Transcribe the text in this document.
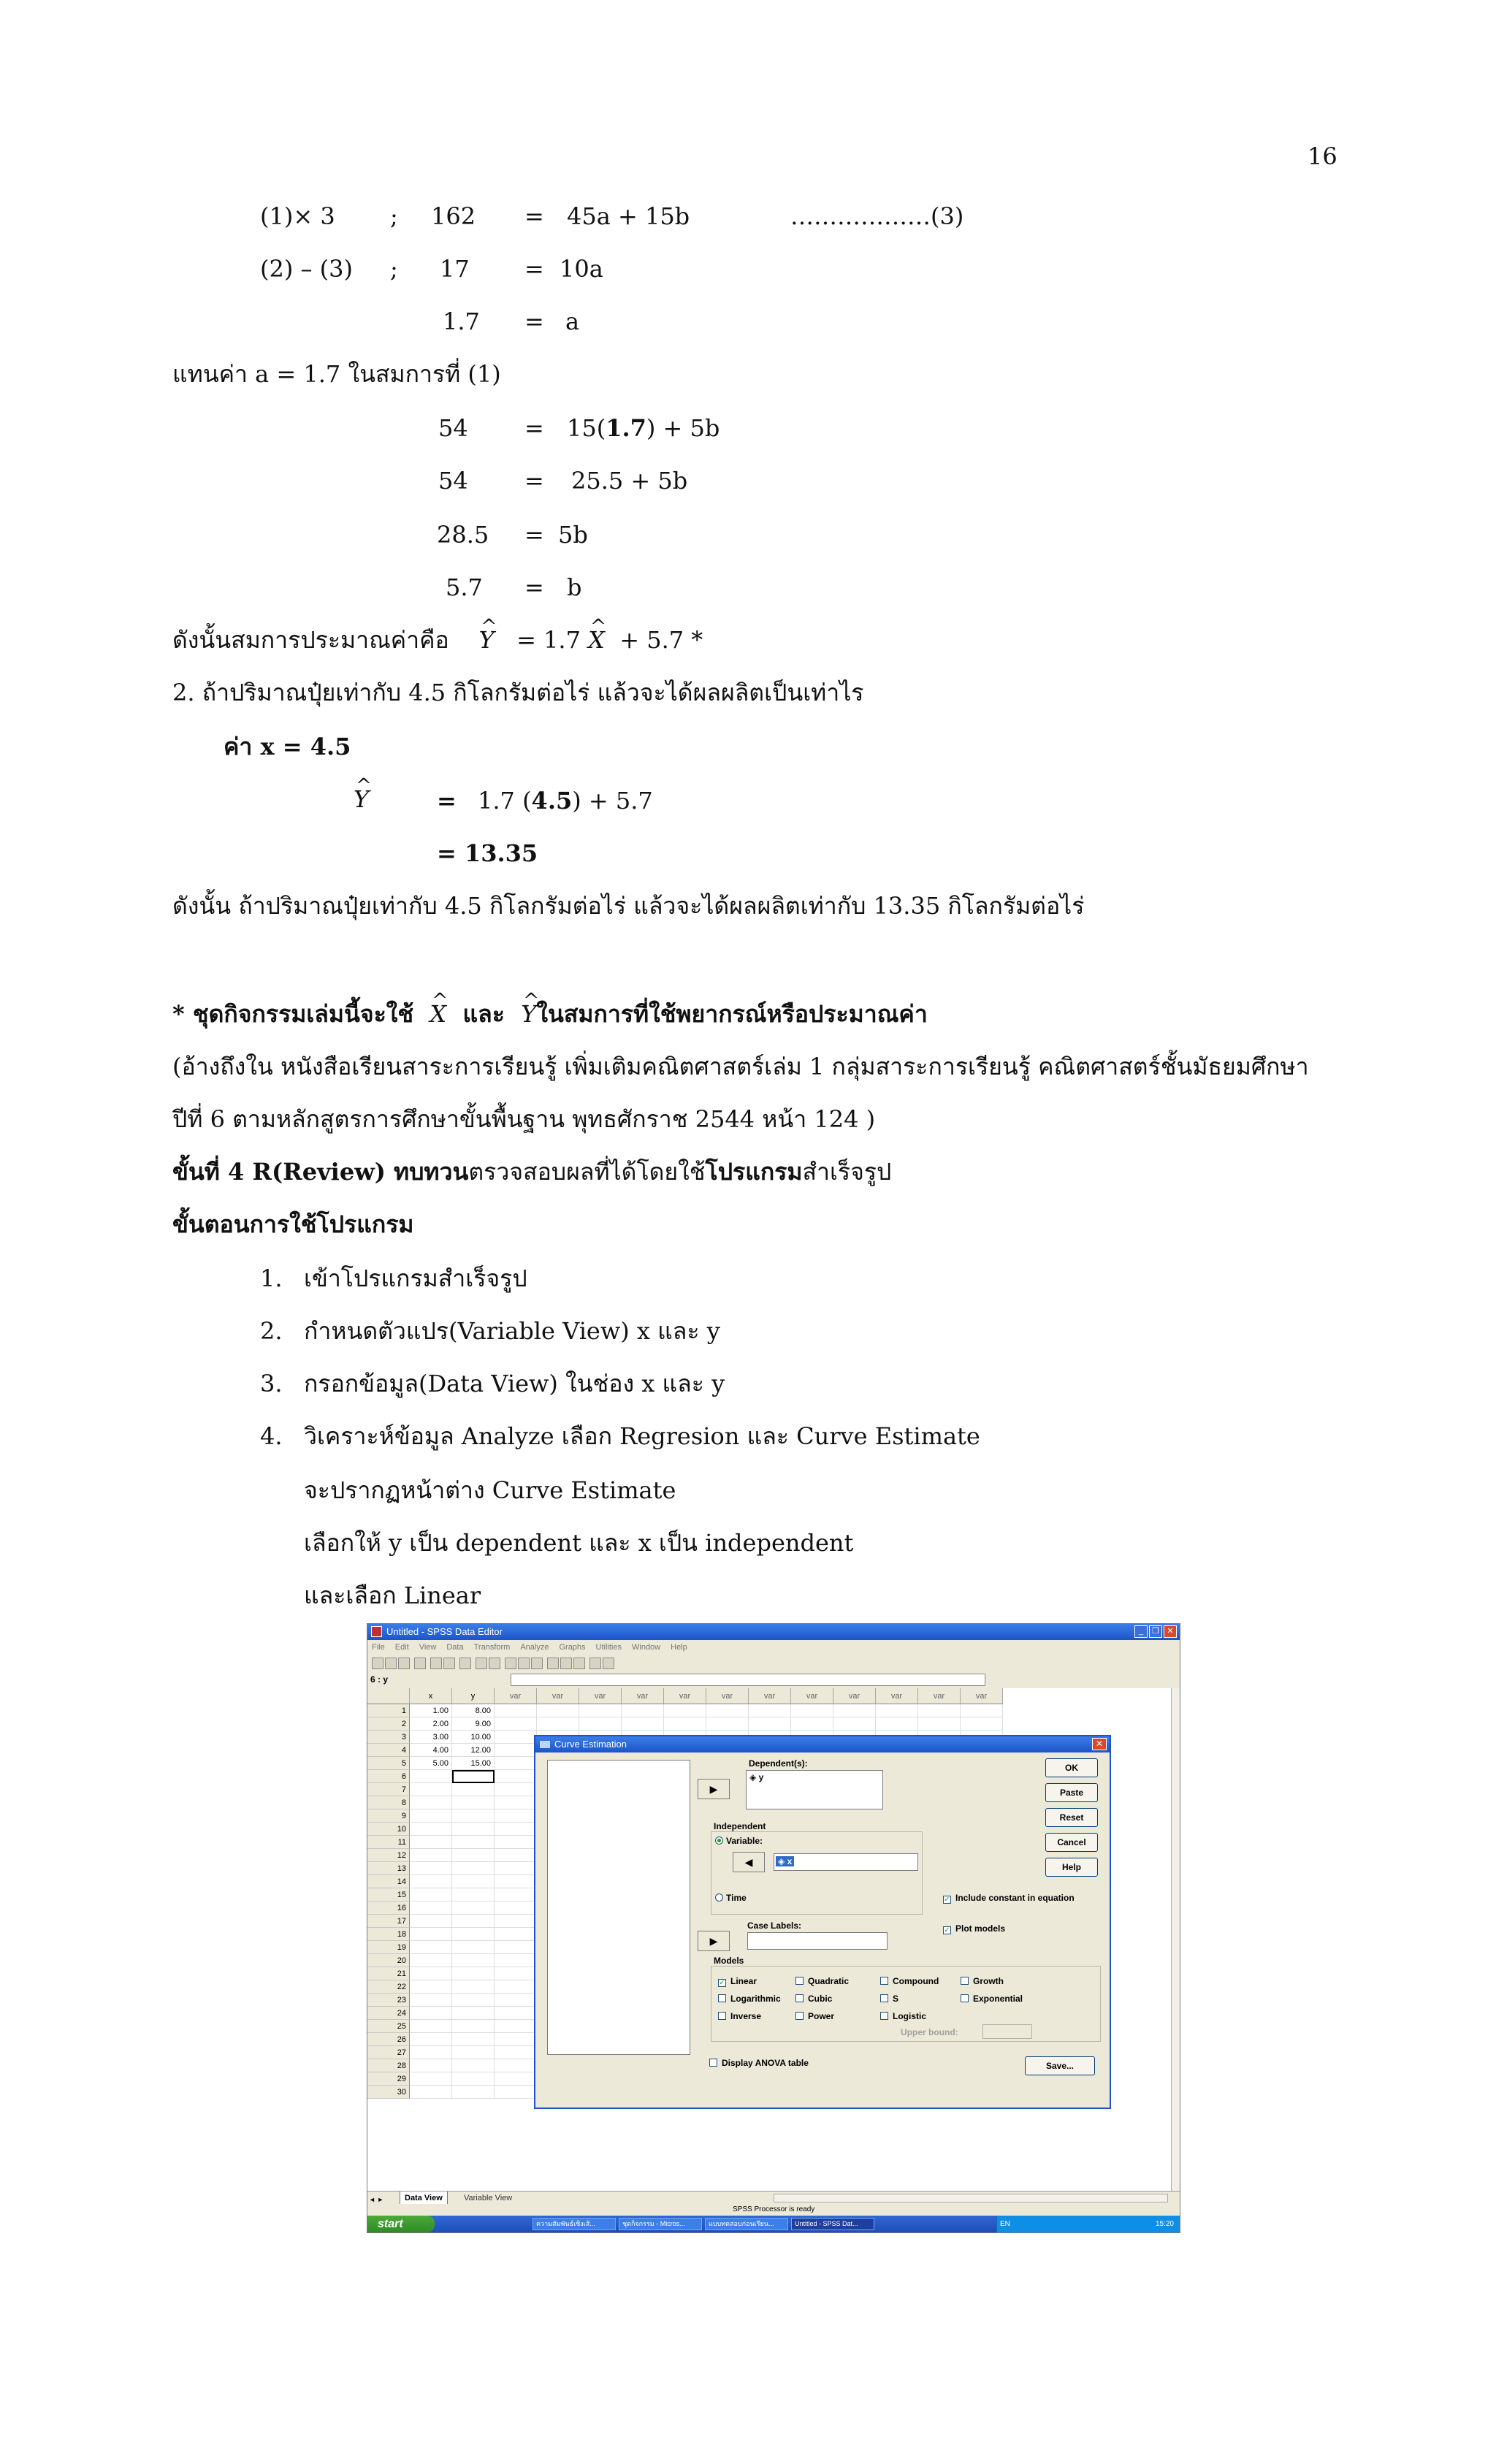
16
(1)× 3 ; 162 = 45a + 15b	………………(3)
(2) – (3) ; 17 = 10a
1.7 = a
แทนค่า a = 1.7 ในสมการที่ (1)
54 = 15(1.7) + 5b
54 = 25.5 + 5b
28.5 = 5b
5.7 = b
ดังนั้นสมการประมาณค่าคือ ^ Y = 1.7 ^ X + 5.7 *
2. ถ้าปริมาณปุ๋ยเท่ากับ 4.5 กิโลกรัมต่อไร่ แล้วจะได้ผลผลิตเป็นเท่าไร
ค่า x = 4.5
^ Y	= 1.7 (4.5) + 5.7
= 13.35
ดังนั้น ถ้าปริมาณปุ๋ยเท่ากับ 4.5 กิโลกรัมต่อไร่ แล้วจะได้ผลผลิตเท่ากับ 13.35 กิโลกรัมต่อไร่
* ชุดกิจกรรมเล่มนี้จะใช้ ^ X และ ^ Yในสมการที่ใช้พยากรณ์หรือประมาณค่า
(อ้างถึงใน หนังสือเรียนสาระการเรียนรู้ เพิ่มเติมคณิตศาสตร์เล่ม 1 กลุ่มสาระการเรียนรู้ คณิตศาสตร์ชั้นมัธยมศึกษา
ปีที่ 6 ตามหลักสูตรการศึกษาขั้นพื้นฐาน พุทธศักราช 2544 หน้า 124 )
ขั้นที่ 4 R(Review) ทบทวนตรวจสอบผลที่ได้โดยใช้โปรแกรมสำเร็จรูป
ขั้นตอนการใช้โปรแกรม
1. เข้าโปรแกรมสำเร็จรูป
2. กำหนดตัวแปร(Variable View) x และ y
3. กรอกข้อมูล(Data View) ในช่อง x และ y
4. วิเคราะห์ข้อมูล Analyze เลือก Regresion และ Curve Estimate
จะปรากฏหน้าต่าง Curve Estimate
เลือกให้ y เป็น dependent และ x เป็น independent
และเลือก Linear
Untitled - SPSS Data Editor	_	❐ ✕
File Edit View Data Transform Analyze Graphs Utilities Window Help
6 : y
x	y	var	var	var	var	var	var	var	var	var	var	var	var
1	1.00	8.00
2	2.00	9.00
3	3.00	10.00
4	4.00	12.00
5	5.00	15.00
6
7
8
9
10
11
12
13
14
15
16
17
18
19
20
21
22
23
24
25
26
27
28
29
30
◄ ►	Data View	Variable View
SPSS Processor is ready
start	ความสัมพันธ์เชิงเส้...	ชุดกิจกรรม - Micros...	แบบทดสอบก่อนเรียน...	Untitled - SPSS Dat...	EN	15:20
Curve Estimation	✕
Dependent(s):
◈ y
▶
Independent
Variable:
◀	◈ x
Time	✓ Include constant in equation
Case Labels:
▶
✓ Plot models
Models
✓ Linear	Quadratic	Compound	Growth
Logarithmic	Cubic	S	Exponential
Inverse	Power	Logistic
Upper bound:
Display ANOVA table
OK
Paste
Reset
Cancel
Help
Save...
